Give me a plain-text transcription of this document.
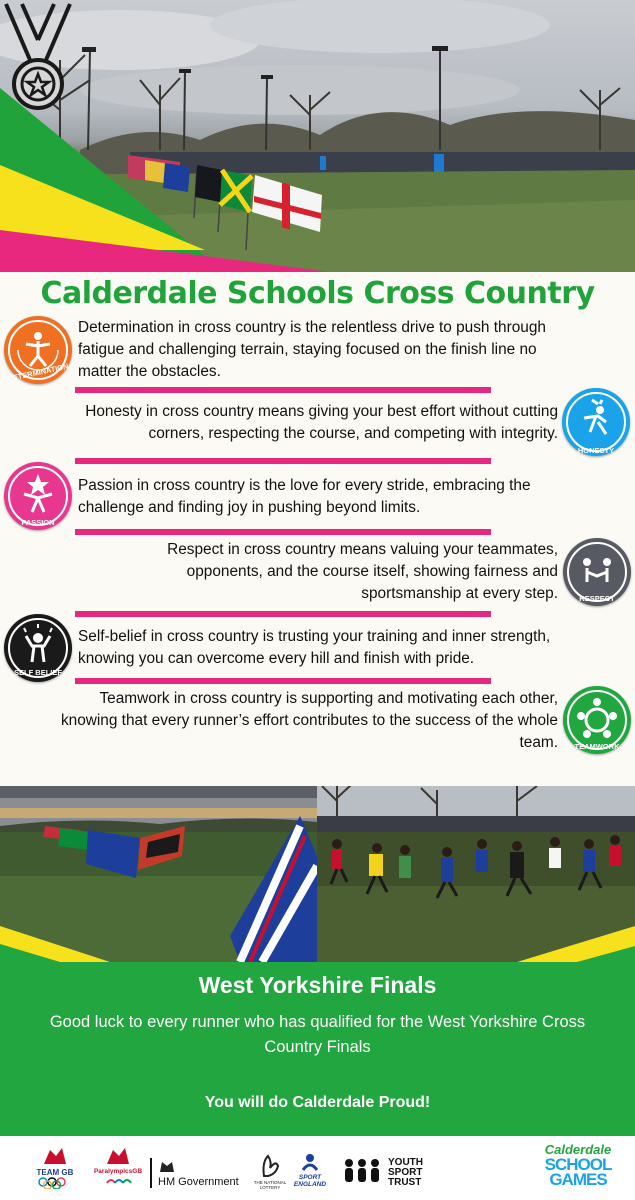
Calderdale Schools Cross Country
DETERMINATION
Determination in cross country is the relentless drive to push through fatigue and challenging terrain, staying focused on the finish line no matter the obstacles.
HONESTY
Honesty in cross country means giving your best effort without cutting corners, respecting the course, and competing with integrity.
PASSION
Passion in cross country is the love for every stride, embracing the challenge and finding joy in pushing beyond limits.
RESPECT
Respect in cross country means valuing your teammates, opponents, and the course itself, showing fairness and sportsmanship at every step.
SELF BELIEF
Self-belief in cross country is trusting your training and inner strength, knowing you can overcome every hill and finish with pride.
TEAMWORK
Teamwork in cross country is supporting and motivating each other, knowing that every runner’s effort contributes to the success of the whole team.
West Yorkshire Finals
Good luck to every runner who has qualified for the West Yorkshire Cross Country Finals
You will do Calderdale Proud!
TEAM GB	ParalympicsGB
HM Government	THE NATIONAL LOTTERY
SPORT ENGLAND
YOUTH
SPORT
TRUST
Calderdale
SCHOOL
GAMES
